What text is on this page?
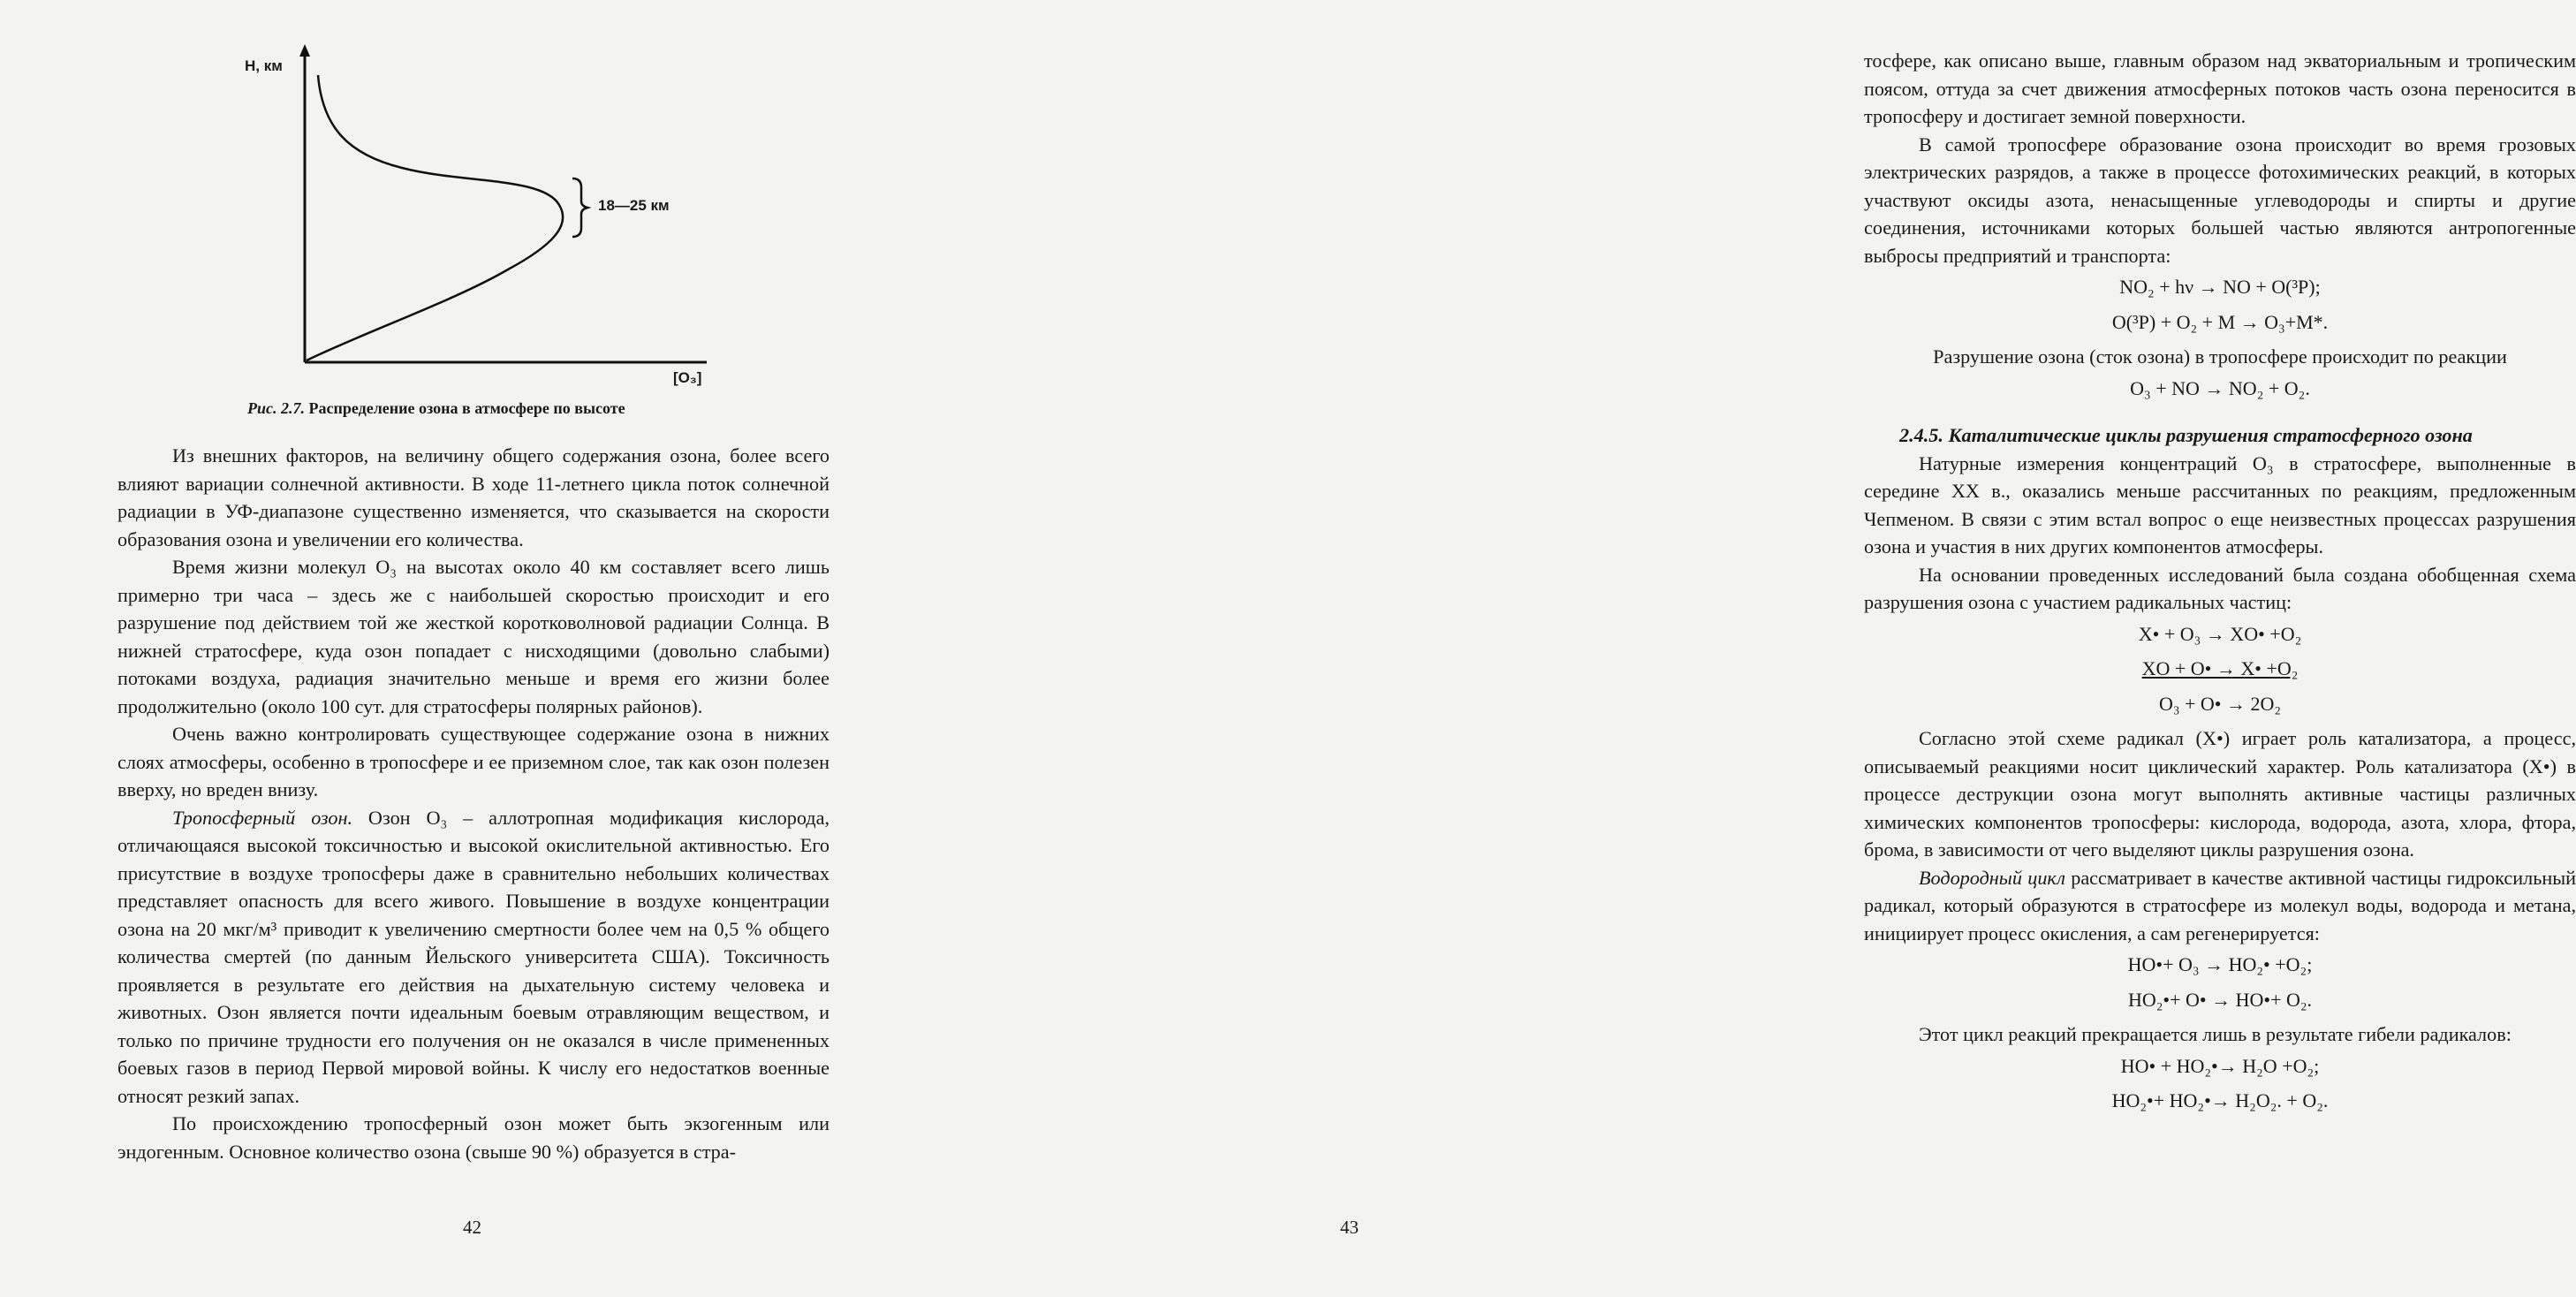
H, км
[O₃]
18—25 км
Рис. 2.7. Распределение озона в атмосфере по высоте

Из внешних факторов, на величину общего содержания озона, более всего влияют вариации солнечной активности. В ходе 11-летнего цикла поток солнечной радиации в УФ-диапазоне существенно изменяется, что сказывается на скорости образования озона и увеличении его количества.

Время жизни молекул O₃ на высотах около 40 км составляет всего лишь примерно три часа – здесь же с наибольшей скоростью происходит и его разрушение под действием той же жесткой коротковолновой радиации Солнца. В нижней стратосфере, куда озон попадает с нисходящими (довольно слабыми) потоками воздуха, радиация значительно меньше и время его жизни более продолжительно (около 100 сут. для стратосферы полярных районов).

Очень важно контролировать существующее содержание озона в нижних слоях атмосферы, особенно в тропосфере и ее приземном слое, так как озон полезен вверху, но вреден внизу.

Тропосферный озон. Озон O₃ – аллотропная модификация кислорода, отличающаяся высокой токсичностью и высокой окислительной активностью. Его присутствие в воздухе тропосферы даже в сравнительно небольших количествах представляет опасность для всего живого. Повышение в воздухе концентрации озона на 20 мкг/м³ приводит к увеличению смертности более чем на 0,5 % общего количества смертей (по данным Йельского университета США). Токсичность проявляется в результате его действия на дыхательную систему человека и животных. Озон является почти идеальным боевым отравляющим веществом, и только по причине трудности его получения он не оказался в числе примененных боевых газов в период Первой мировой войны. К числу его недостатков военные относят резкий запах.

По происхождению тропосферный озон может быть экзогенным или эндогенным. Основное количество озона (свыше 90 %) образуется в стра-

42

тосфере, как описано выше, главным образом над экваториальным и тропическим поясом, оттуда за счет движения атмосферных потоков часть озона переносится в тропосферу и достигает земной поверхности.

В самой тропосфере образование озона происходит во время грозовых электрических разрядов, а также в процессе фотохимических реакций, в которых участвуют оксиды азота, ненасыщенные углеводороды и спирты и другие соединения, источниками которых большей частью являются антропогенные выбросы предприятий и транспорта:

NO₂ + hν → NO + O(³P);

O(³P) + O₂ + M → O₃+M*.

Разрушение озона (сток озона) в тропосфере происходит по реакции

O₃ + NO → NO₂ + O₂.

2.4.5. Каталитические циклы разрушения стратосферного озона

Натурные измерения концентраций O₃ в стратосфере, выполненные в середине XX в., оказались меньше рассчитанных по реакциям, предложенным Чепменом. В связи с этим встал вопрос о еще неизвестных процессах разрушения озона и участия в них других компонентов атмосферы.

На основании проведенных исследований была создана обобщенная схема разрушения озона с участием радикальных частиц:

X• + O₃ → XO• +O₂

XO + O• → X• +O₂

O₃ + O• → 2O₂

Согласно этой схеме радикал (X•) играет роль катализатора, а процесс, описываемый реакциями носит циклический характер. Роль катализатора (X•) в процессе деструкции озона могут выполнять активные частицы различных химических компонентов тропосферы: кислорода, водорода, азота, хлора, фтора, брома, в зависимости от чего выделяют циклы разрушения озона.

Водородный цикл рассматривает в качестве активной частицы гидроксильный радикал, который образуются в стратосфере из молекул воды, водорода и метана, инициирует процесс окисления, а сам регенерируется:

HO•+ O₃ → HO₂• +O₂;

HO₂•+ O• → HO•+ O₂.

Этот цикл реакций прекращается лишь в результате гибели радикалов:

HO• + HO₂•→ H₂O +O₂;

HO₂•+ HO₂•→ H₂O₂. + O₂.

43
